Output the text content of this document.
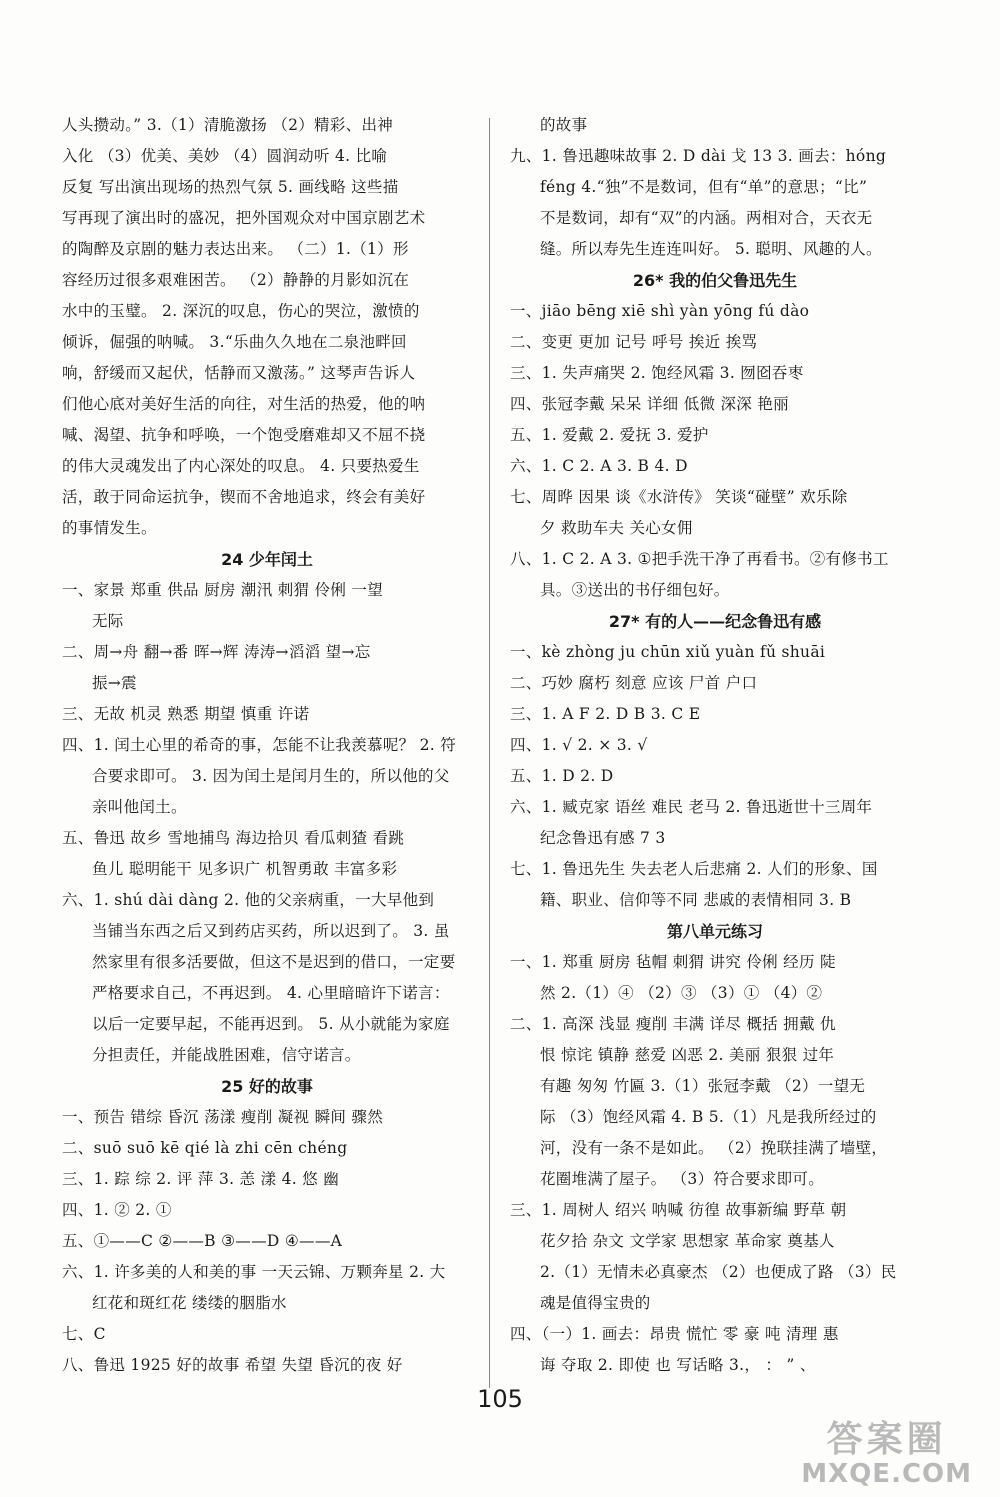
人头攒动。” 3.（1）清脆激扬 （2）精彩、出神
入化 （3）优美、美妙 （4）圆润动听 4. 比喻
反复 写出演出现场的热烈气氛 5. 画线略 这些描
写再现了演出时的盛况，把外国观众对中国京剧艺术
的陶醉及京剧的魅力表达出来。 （二）1.（1）形
容经历过很多艰难困苦。 （2）静静的月影如沉在
水中的玉璧。 2. 深沉的叹息，伤心的哭泣，激愤的
倾诉，倔强的呐喊。 3.“乐曲久久地在二泉池畔回
响，舒缓而又起伏，恬静而又激荡。” 这琴声告诉人
们他心底对美好生活的向往，对生活的热爱，他的呐
喊、渴望、抗争和呼唤，一个饱受磨难却又不屈不挠
的伟大灵魂发出了内心深处的叹息。 4. 只要热爱生
活，敢于同命运抗争，锲而不舍地追求，终会有美好
的事情发生。
24 少年闰土
一、家景 郑重 供品 厨房 潮汛 刺猬 伶俐 一望
无际
二、周→舟 翻→番 晖→辉 涛涛→滔滔 望→忘
振→震
三、无故 机灵 熟悉 期望 慎重 许诺
四、1. 闰土心里的希奇的事，怎能不让我羡慕呢？ 2. 符
合要求即可。 3. 因为闰土是闰月生的，所以他的父
亲叫他闰土。
五、鲁迅 故乡 雪地捕鸟 海边拾贝 看瓜刺猹 看跳
鱼儿 聪明能干 见多识广 机智勇敢 丰富多彩
六、1. shú dài dàng 2. 他的父亲病重，一大早他到
当铺当东西之后又到药店买药，所以迟到了。 3. 虽
然家里有很多活要做，但这不是迟到的借口，一定要
严格要求自己，不再迟到。 4. 心里暗暗许下诺言：
以后一定要早起，不能再迟到。 5. 从小就能为家庭
分担责任，并能战胜困难，信守诺言。
25 好的故事
一、预告 错综 昏沉 荡漾 瘦削 凝视 瞬间 骤然
二、suō suō kē qié là zhi cēn chéng
三、1. 踪 综 2. 评 萍 3. 恙 漾 4. 悠 幽
四、1. ② 2. ①
五、①——C ②——B ③——D ④——A
六、1. 许多美的人和美的事 一天云锦、万颗奔星 2. 大
红花和斑红花 缕缕的胭脂水
七、C
八、鲁迅 1925 好的故事 希望 失望 昏沉的夜 好
的故事
九、1. 鲁迅趣味故事 2. D dài 戈 13 3. 画去：hóng
féng 4.“独”不是数词，但有“单”的意思；“比”
不是数词，却有“双”的内涵。两相对合，天衣无
缝。所以寿先生连连叫好。 5. 聪明、风趣的人。
26* 我的伯父鲁迅先生
一、jiāo bēng xiē shì yàn yōng fú dào
二、变更 更加 记号 呼号 挨近 挨骂
三、1. 失声痛哭 2. 饱经风霜 3. 囫囵吞枣
四、张冠李戴 呆呆 详细 低微 深深 艳丽
五、1. 爱戴 2. 爱抚 3. 爱护
六、1. C 2. A 3. B 4. D
七、周晔 因果 谈《水浒传》 笑谈“碰壁” 欢乐除
夕 救助车夫 关心女佣
八、1. C 2. A 3. ①把手洗干净了再看书。②有修书工
具。③送出的书仔细包好。
27* 有的人——纪念鲁迅有感
一、kè zhòng ju chūn xiǔ yuàn fǔ shuāi
二、巧妙 腐朽 刻意 应该 尸首 户口
三、1. A F 2. D B 3. C E
四、1. √ 2. × 3. √
五、1. D 2. D
六、1. 臧克家 语丝 难民 老马 2. 鲁迅逝世十三周年
纪念鲁迅有感 7 3
七、1. 鲁迅先生 失去老人后悲痛 2. 人们的形象、国
籍、职业、信仰等不同 悲戚的表情相同 3. B
第八单元练习
一、1. 郑重 厨房 毡帽 刺猬 讲究 伶俐 经历 陡
然 2.（1）④ （2）③ （3）① （4）②
二、1. 高深 浅显 瘦削 丰满 详尽 概括 拥戴 仇
恨 惊诧 镇静 慈爱 凶恶 2. 美丽 狠狠 过年
有趣 匆匆 竹匾 3.（1）张冠李戴 （2）一望无
际 （3）饱经风霜 4. B 5.（1）凡是我所经过的
河，没有一条不是如此。 （2）挽联挂满了墙壁，
花圈堆满了屋子。 （3）符合要求即可。
三、1. 周树人 绍兴 呐喊 彷徨 故事新编 野草 朝
花夕拾 杂文 文学家 思想家 革命家 奠基人
2.（1）无情未必真豪杰 （2）也便成了路 （3）民
魂是值得宝贵的
四、（一）1. 画去：昂贵 慌忙 零 豪 吨 清理 惠
诲 夺取 2. 即使 也 写话略 3.， ： ” 、
105
答案圈
MXQE.COM
